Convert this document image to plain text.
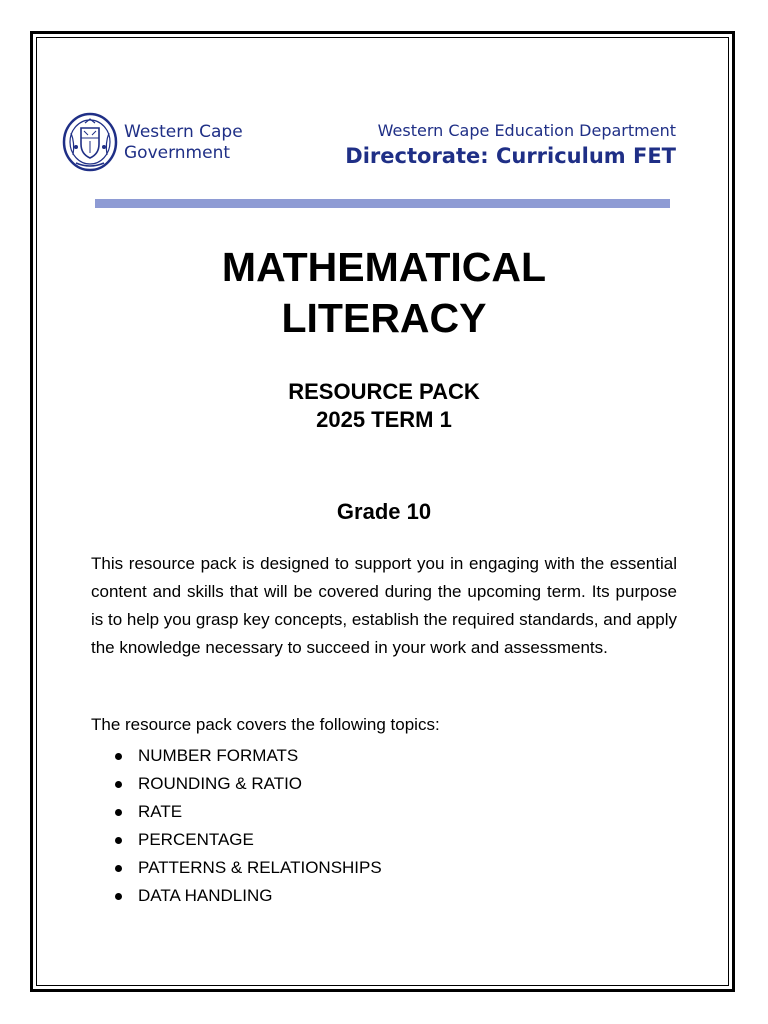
Western Cape
Government
Western Cape Education Department
Directorate: Curriculum FET
MATHEMATICAL
LITERACY
RESOURCE PACK
2025 TERM 1
Grade 10

This resource pack is designed to support you in engaging with the essential content and skills that will be covered during the upcoming term. Its purpose is to help you grasp key concepts, establish the required standards, and apply the knowledge necessary to succeed in your work and assessments.

The resource pack covers the following topics:

NUMBER FORMATS
ROUNDING & RATIO
RATE
PERCENTAGE
PATTERNS & RELATIONSHIPS
DATA HANDLING
